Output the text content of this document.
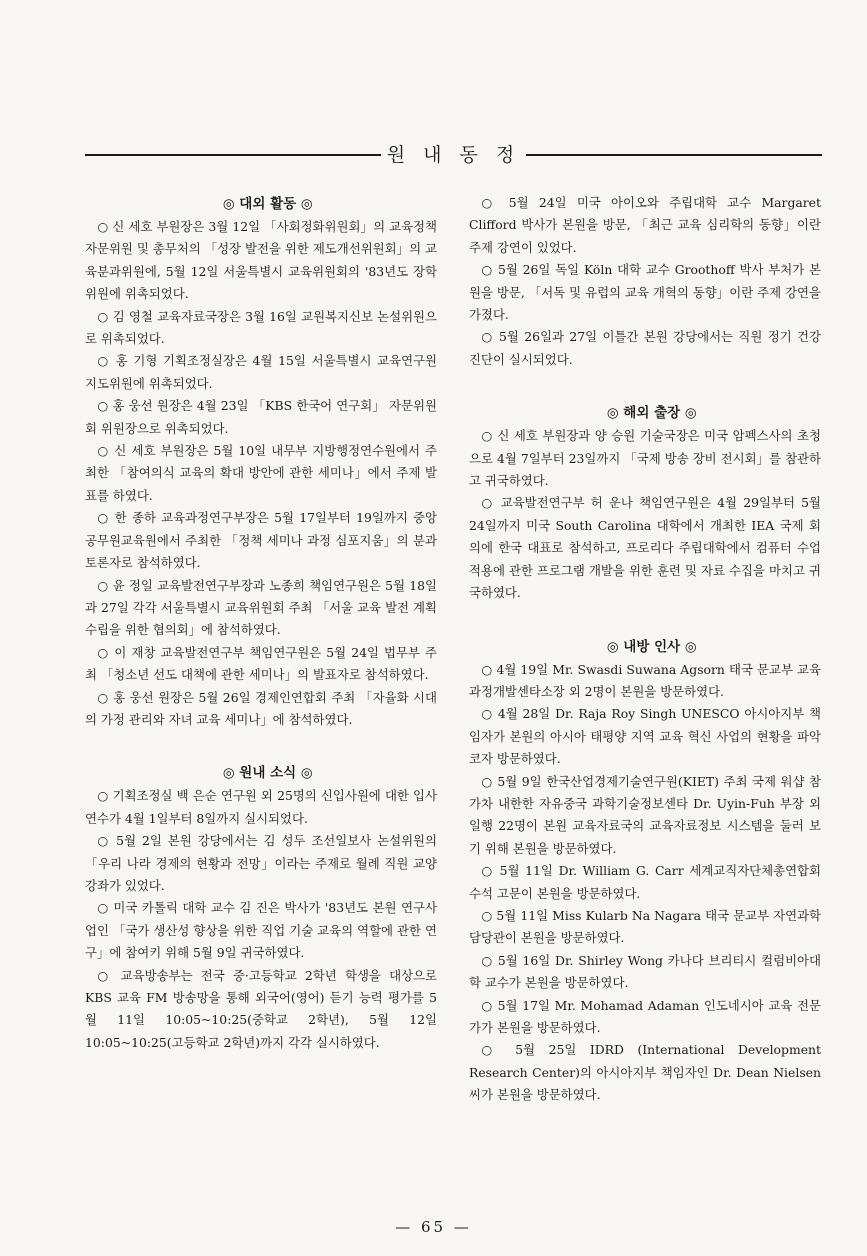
원 내 동 정

◎ 대외 활동 ◎

○ 신 세호 부원장은 3월 12일 「사회정화위원회」의 교육정책자문위원 및 총무처의 「성장 발전을 위한 제도개선위원회」의 교육분과위원에, 5월 12일 서울특별시 교육위원회의 '83년도 장학위원에 위촉되었다.

○ 김 영철 교육자료국장은 3월 16일 교원복지신보 논설위원으로 위촉되었다.

○ 홍 기형 기획조정실장은 4월 15일 서울특별시 교육연구원 지도위원에 위촉되었다.

○ 홍 웅선 원장은 4월 23일 「KBS 한국어 연구회」 자문위원회 위원장으로 위촉되었다.

○ 신 세호 부원장은 5월 10일 내무부 지방행정연수원에서 주최한 「참여의식 교육의 확대 방안에 관한 세미나」에서 주제 발표를 하였다.

○ 한 종하 교육과정연구부장은 5월 17일부터 19일까지 중앙공무원교육원에서 주최한 「정책 세미나 과정 심포지움」의 분과 토론자로 참석하였다.

○ 윤 정일 교육발전연구부장과 노종희 책임연구원은 5월 18일과 27일 각각 서울특별시 교육위원회 주최 「서울 교육 발전 계획 수립을 위한 협의회」에 참석하였다.

○ 이 재창 교육발전연구부 책임연구원은 5월 24일 법무부 주최 「청소년 선도 대책에 관한 세미나」의 발표자로 참석하였다.

○ 홍 웅선 원장은 5월 26일 경제인연합회 주최 「자율화 시대의 가정 관리와 자녀 교육 세미나」에 참석하였다.

◎ 원내 소식 ◎

○ 기획조정실 백 은순 연구원 외 25명의 신입사원에 대한 입사 연수가 4월 1일부터 8일까지 실시되었다.

○ 5월 2일 본원 강당에서는 김 성두 조선일보사 논설위원의 「우리 나라 경제의 현황과 전망」이라는 주제로 월례 직원 교양 강좌가 있었다.

○ 미국 카톨릭 대학 교수 김 진은 박사가 '83년도 본원 연구사업인 「국가 생산성 향상을 위한 직업 기술 교육의 역할에 관한 연구」에 참여키 위해 5월 9일 귀국하였다.

○ 교육방송부는 전국 중·고등학교 2학년 학생을 대상으로 KBS 교육 FM 방송망을 통해 외국어(영어) 듣기 능력 평가를 5월 11일 10:05~10:25(중학교 2학년), 5월 12일 10:05~10:25(고등학교 2학년)까지 각각 실시하였다.

○ 5월 24일 미국 아이오와 주립대학 교수 Margaret Clifford 박사가 본원을 방문, 「최근 교육 심리학의 동향」이란 주제 강연이 있었다.

○ 5월 26일 독일 Köln 대학 교수 Groothoff 박사 부처가 본원을 방문, 「서독 및 유럽의 교육 개혁의 동향」이란 주제 강연을 가졌다.

○ 5월 26일과 27일 이틀간 본원 강당에서는 직원 정기 건강 진단이 실시되었다.

◎ 해외 출장 ◎

○ 신 세호 부원장과 양 승원 기술국장은 미국 암펙스사의 초청으로 4월 7일부터 23일까지 「국제 방송 장비 전시회」를 참관하고 귀국하였다.

○ 교육발전연구부 허 운나 책임연구원은 4월 29일부터 5월 24일까지 미국 South Carolina 대학에서 개최한 IEA 국제 회의에 한국 대표로 참석하고, 프로리다 주립대학에서 컴퓨터 수업 적용에 관한 프로그램 개발을 위한 훈련 및 자료 수집을 마치고 귀국하였다.

◎ 내방 인사 ◎

○ 4월 19일 Mr. Swasdi Suwana Agsorn 태국 문교부 교육과정개발센타소장 외 2명이 본원을 방문하였다.

○ 4월 28일 Dr. Raja Roy Singh UNESCO 아시아지부 책임자가 본원의 아시아 태평양 지역 교육 혁신 사업의 현황을 파악코자 방문하였다.

○ 5월 9일 한국산업경제기술연구원(KIET) 주최 국제 워샵 참가차 내한한 자유중국 과학기술정보센타 Dr. Uyin-Fuh 부장 외 일행 22명이 본원 교육자료국의 교육자료정보 시스템을 둘러 보기 위해 본원을 방문하였다.

○ 5월 11일 Dr. William G. Carr 세계교직자단체총연합회 수석 고문이 본원을 방문하였다.

○ 5월 11일 Miss Kularb Na Nagara 태국 문교부 자연과학담당관이 본원을 방문하였다.

○ 5월 16일 Dr. Shirley Wong 카나다 브리티시 컬럼비아대학 교수가 본원을 방문하였다.

○ 5월 17일 Mr. Mohamad Adaman 인도네시아 교육 전문가가 본원을 방문하였다.

○ 5월 25일 IDRD (International Development Research Center)의 아시아지부 책임자인 Dr. Dean Nielsen 씨가 본원을 방문하였다.

— 65 —
